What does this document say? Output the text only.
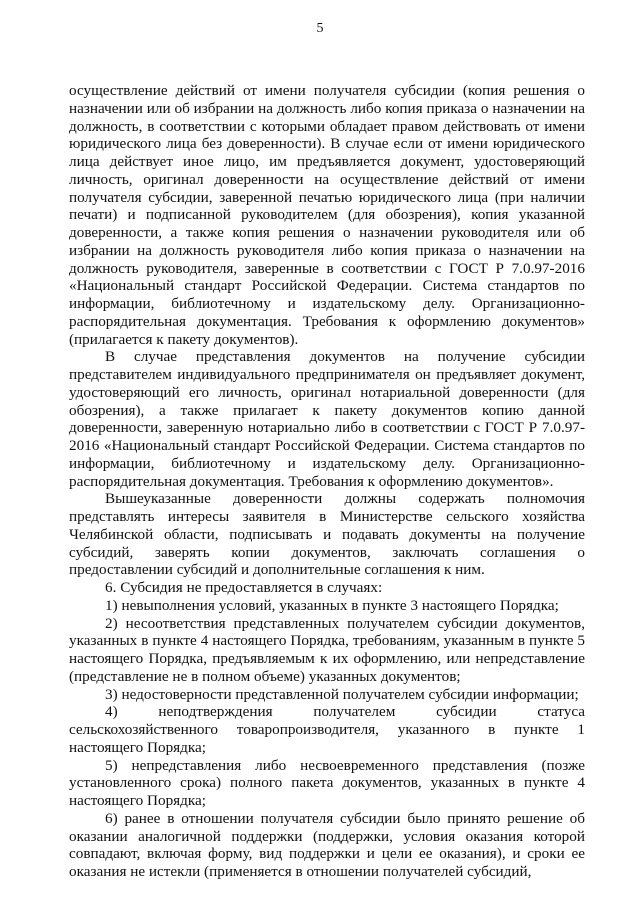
5

осуществление действий от имени получателя субсидии (копия решения о назначении или об избрании на должность либо копия приказа о назначении на должность, в соответствии с которыми обладает правом действовать от имени юридического лица без доверенности). В случае если от имени юридического лица действует иное лицо, им предъявляется документ, удостоверяющий личность, оригинал доверенности на осуществление действий от имени получателя субсидии, заверенной печатью юридического лица (при наличии печати) и подписанной руководителем (для обозрения), копия указанной доверенности, а также копия решения о назначении руководителя или об избрании на должность руководителя либо копия приказа о назначении на должность руководителя, заверенные в соответствии с ГОСТ Р 7.0.97-2016 «Национальный стандарт Российской Федерации. Система стандартов по информации, библиотечному и издательскому делу. Организационно-распорядительная документация. Требования к оформлению документов» (прилагается к пакету документов).

В случае представления документов на получение субсидии представителем индивидуального предпринимателя он предъявляет документ, удостоверяющий его личность, оригинал нотариальной доверенности (для обозрения), а также прилагает к пакету документов копию данной доверенности, заверенную нотариально либо в соответствии с ГОСТ Р 7.0.97-2016 «Национальный стандарт Российской Федерации. Система стандартов по информации, библиотечному и издательскому делу. Организационно-распорядительная документация. Требования к оформлению документов».

Вышеуказанные доверенности должны содержать полномочия представлять интересы заявителя в Министерстве сельского хозяйства Челябинской области, подписывать и подавать документы на получение субсидий, заверять копии документов, заключать соглашения о предоставлении субсидий и дополнительные соглашения к ним.

6. Субсидия не предоставляется в случаях:

1) невыполнения условий, указанных в пункте 3 настоящего Порядка;

2) несоответствия представленных получателем субсидии документов, указанных в пункте 4 настоящего Порядка, требованиям, указанным в пункте 5 настоящего Порядка, предъявляемым к их оформлению, или непредставление (представление не в полном объеме) указанных документов;

3) недостоверности представленной получателем субсидии информации;

4) неподтверждения получателем субсидии статуса сельскохозяйственного товаропроизводителя, указанного в пункте 1 настоящего Порядка;

5) непредставления либо несвоевременного представления (позже установленного срока) полного пакета документов, указанных в пункте 4 настоящего Порядка;

6) ранее в отношении получателя субсидии было принято решение об оказании аналогичной поддержки (поддержки, условия оказания которой совпадают, включая форму, вид поддержки и цели ее оказания), и сроки ее оказания не истекли (применяется в отношении получателей субсидий,
